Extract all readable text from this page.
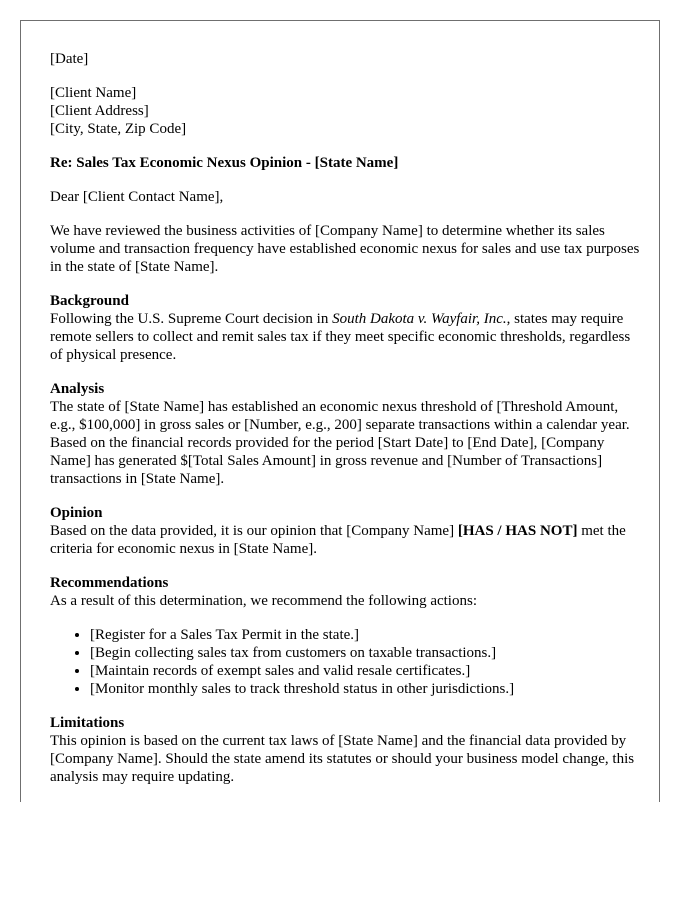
[Date]
[Client Name]
[Client Address]
[City, State, Zip Code]
Re: Sales Tax Economic Nexus Opinion - [State Name]
Dear [Client Contact Name],

We have reviewed the business activities of [Company Name] to determine whether its sales volume and transaction frequency have established economic nexus for sales and use tax purposes in the state of [State Name].

Background

Following the U.S. Supreme Court decision in South Dakota v. Wayfair, Inc., states may require remote sellers to collect and remit sales tax if they meet specific economic thresholds, regardless of physical presence.

Analysis

The state of [State Name] has established an economic nexus threshold of [Threshold Amount, e.g., $100,000] in gross sales or [Number, e.g., 200] separate transactions within a calendar year. Based on the financial records provided for the period [Start Date] to [End Date], [Company Name] has generated $[Total Sales Amount] in gross revenue and [Number of Transactions] transactions in [State Name].

Opinion

Based on the data provided, it is our opinion that [Company Name] [HAS / HAS NOT] met the criteria for economic nexus in [State Name].

Recommendations

As a result of this determination, we recommend the following actions:

• [Register for a Sales Tax Permit in the state.]
• [Begin collecting sales tax from customers on taxable transactions.]
• [Maintain records of exempt sales and valid resale certificates.]
• [Monitor monthly sales to track threshold status in other jurisdictions.]
Limitations

This opinion is based on the current tax laws of [State Name] and the financial data provided by [Company Name]. Should the state amend its statutes or should your business model change, this analysis may require updating.
